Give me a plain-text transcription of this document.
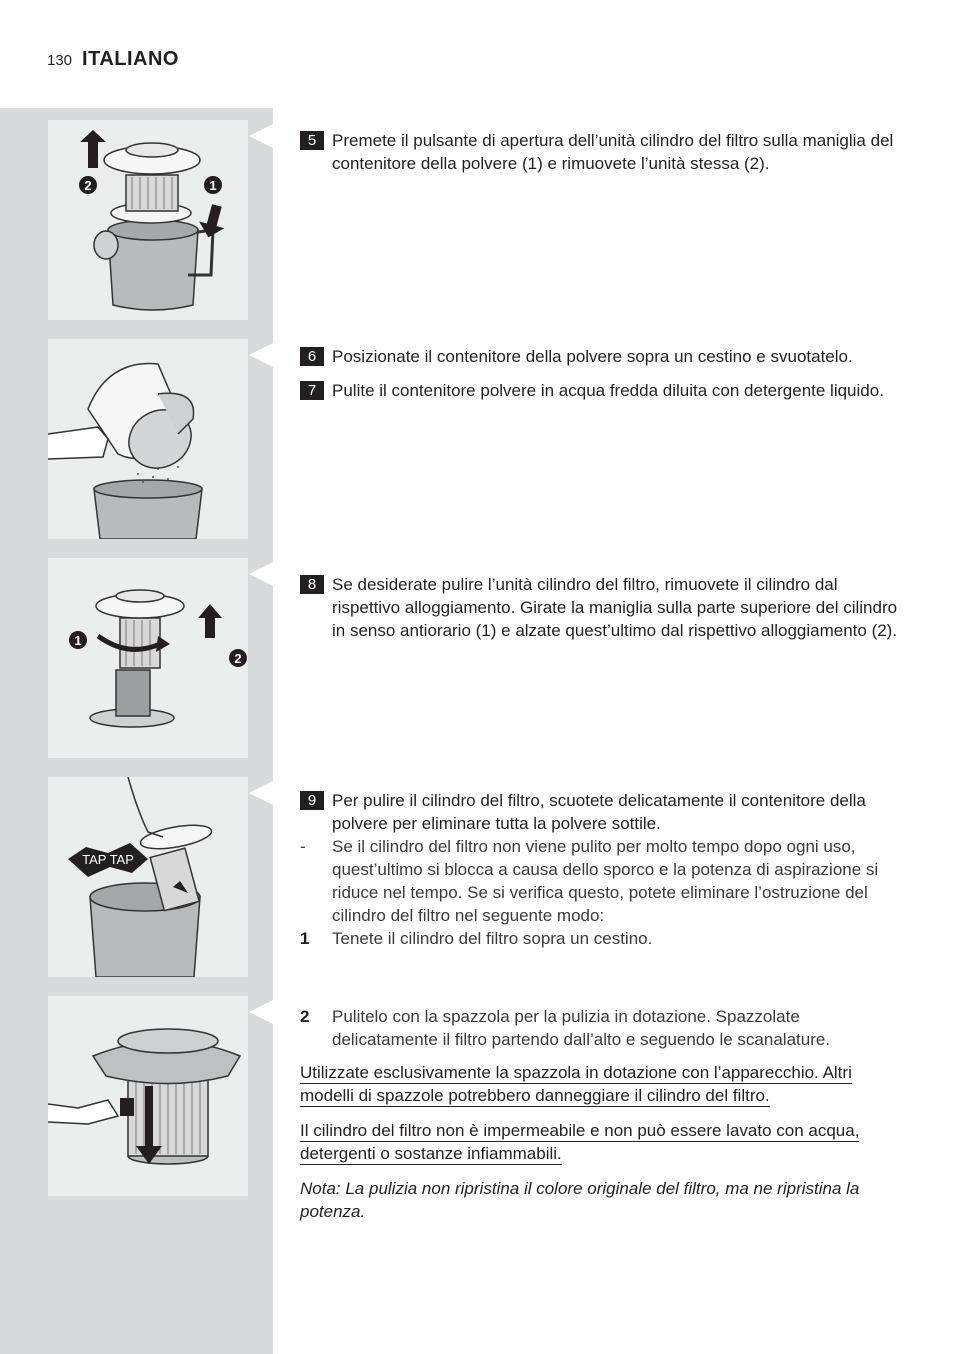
130 ITALIANO
2	1
1
2
TAP TAP
5 Premete il pulsante di apertura dell’unità cilindro del filtro sulla maniglia del contenitore della polvere (1) e rimuovete l’unità stessa (2).
6 Posizionate il contenitore della polvere sopra un cestino e svuotatelo.
7 Pulite il contenitore polvere in acqua fredda diluita con detergente liquido.
8 Se desiderate pulire l’unità cilindro del filtro, rimuovete il cilindro dal rispettivo alloggiamento. Girate la maniglia sulla parte superiore del cilindro in senso antiorario (1) e alzate quest’ultimo dal rispettivo alloggiamento (2).
9 Per pulire il cilindro del filtro, scuotete delicatamente il contenitore della polvere per eliminare tutta la polvere sottile.
- Se il cilindro del filtro non viene pulito per molto tempo dopo ogni uso, quest’ultimo si blocca a causa dello sporco e la potenza di aspirazione si riduce nel tempo. Se si verifica questo, potete eliminare l’ostruzione del cilindro del filtro nel seguente modo:
1 Tenete il cilindro del filtro sopra un cestino.
2 Pulitelo con la spazzola per la pulizia in dotazione. Spazzolate delicatamente il filtro partendo dall’alto e seguendo le scanalature.
Utilizzate esclusivamente la spazzola in dotazione con l’apparecchio. Altri modelli di spazzole potrebbero danneggiare il cilindro del filtro.
Il cilindro del filtro non è impermeabile e non può essere lavato con acqua, detergenti o sostanze infiammabili.
Nota: La pulizia non ripristina il colore originale del filtro, ma ne ripristina la potenza.
